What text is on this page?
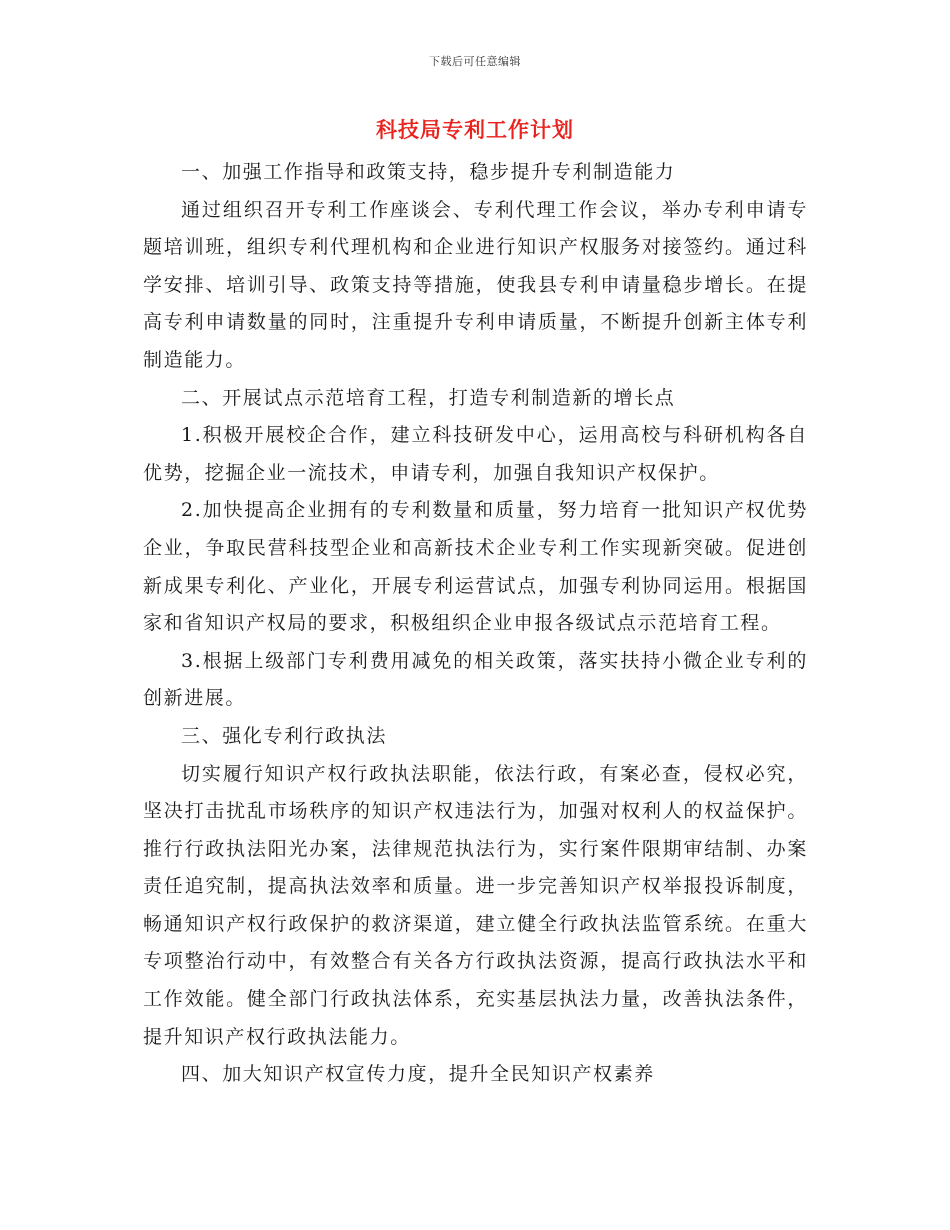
下载后可任意编辑
科技局专利工作计划

一、加强工作指导和政策支持，稳步提升专利制造能力

通过组织召开专利工作座谈会、专利代理工作会议，举办专利申请专题培训班，组织专利代理机构和企业进行知识产权服务对接签约。通过科学安排、培训引导、政策支持等措施，使我县专利申请量稳步增长。在提高专利申请数量的同时，注重提升专利申请质量，不断提升创新主体专利制造能力。

二、开展试点示范培育工程，打造专利制造新的增长点

1.积极开展校企合作，建立科技研发中心，运用高校与科研机构各自优势，挖掘企业一流技术，申请专利，加强自我知识产权保护。

2.加快提高企业拥有的专利数量和质量，努力培育一批知识产权优势企业，争取民营科技型企业和高新技术企业专利工作实现新突破。促进创新成果专利化、产业化，开展专利运营试点，加强专利协同运用。根据国家和省知识产权局的要求，积极组织企业申报各级试点示范培育工程。

3.根据上级部门专利费用减免的相关政策，落实扶持小微企业专利的创新进展。

三、强化专利行政执法

切实履行知识产权行政执法职能，依法行政，有案必查，侵权必究，坚决打击扰乱市场秩序的知识产权违法行为，加强对权利人的权益保护。推行行政执法阳光办案，法律规范执法行为，实行案件限期审结制、办案责任追究制，提高执法效率和质量。进一步完善知识产权举报投诉制度，畅通知识产权行政保护的救济渠道，建立健全行政执法监管系统。在重大专项整治行动中，有效整合有关各方行政执法资源，提高行政执法水平和工作效能。健全部门行政执法体系，充实基层执法力量，改善执法条件，提升知识产权行政执法能力。

四、加大知识产权宣传力度，提升全民知识产权素养
